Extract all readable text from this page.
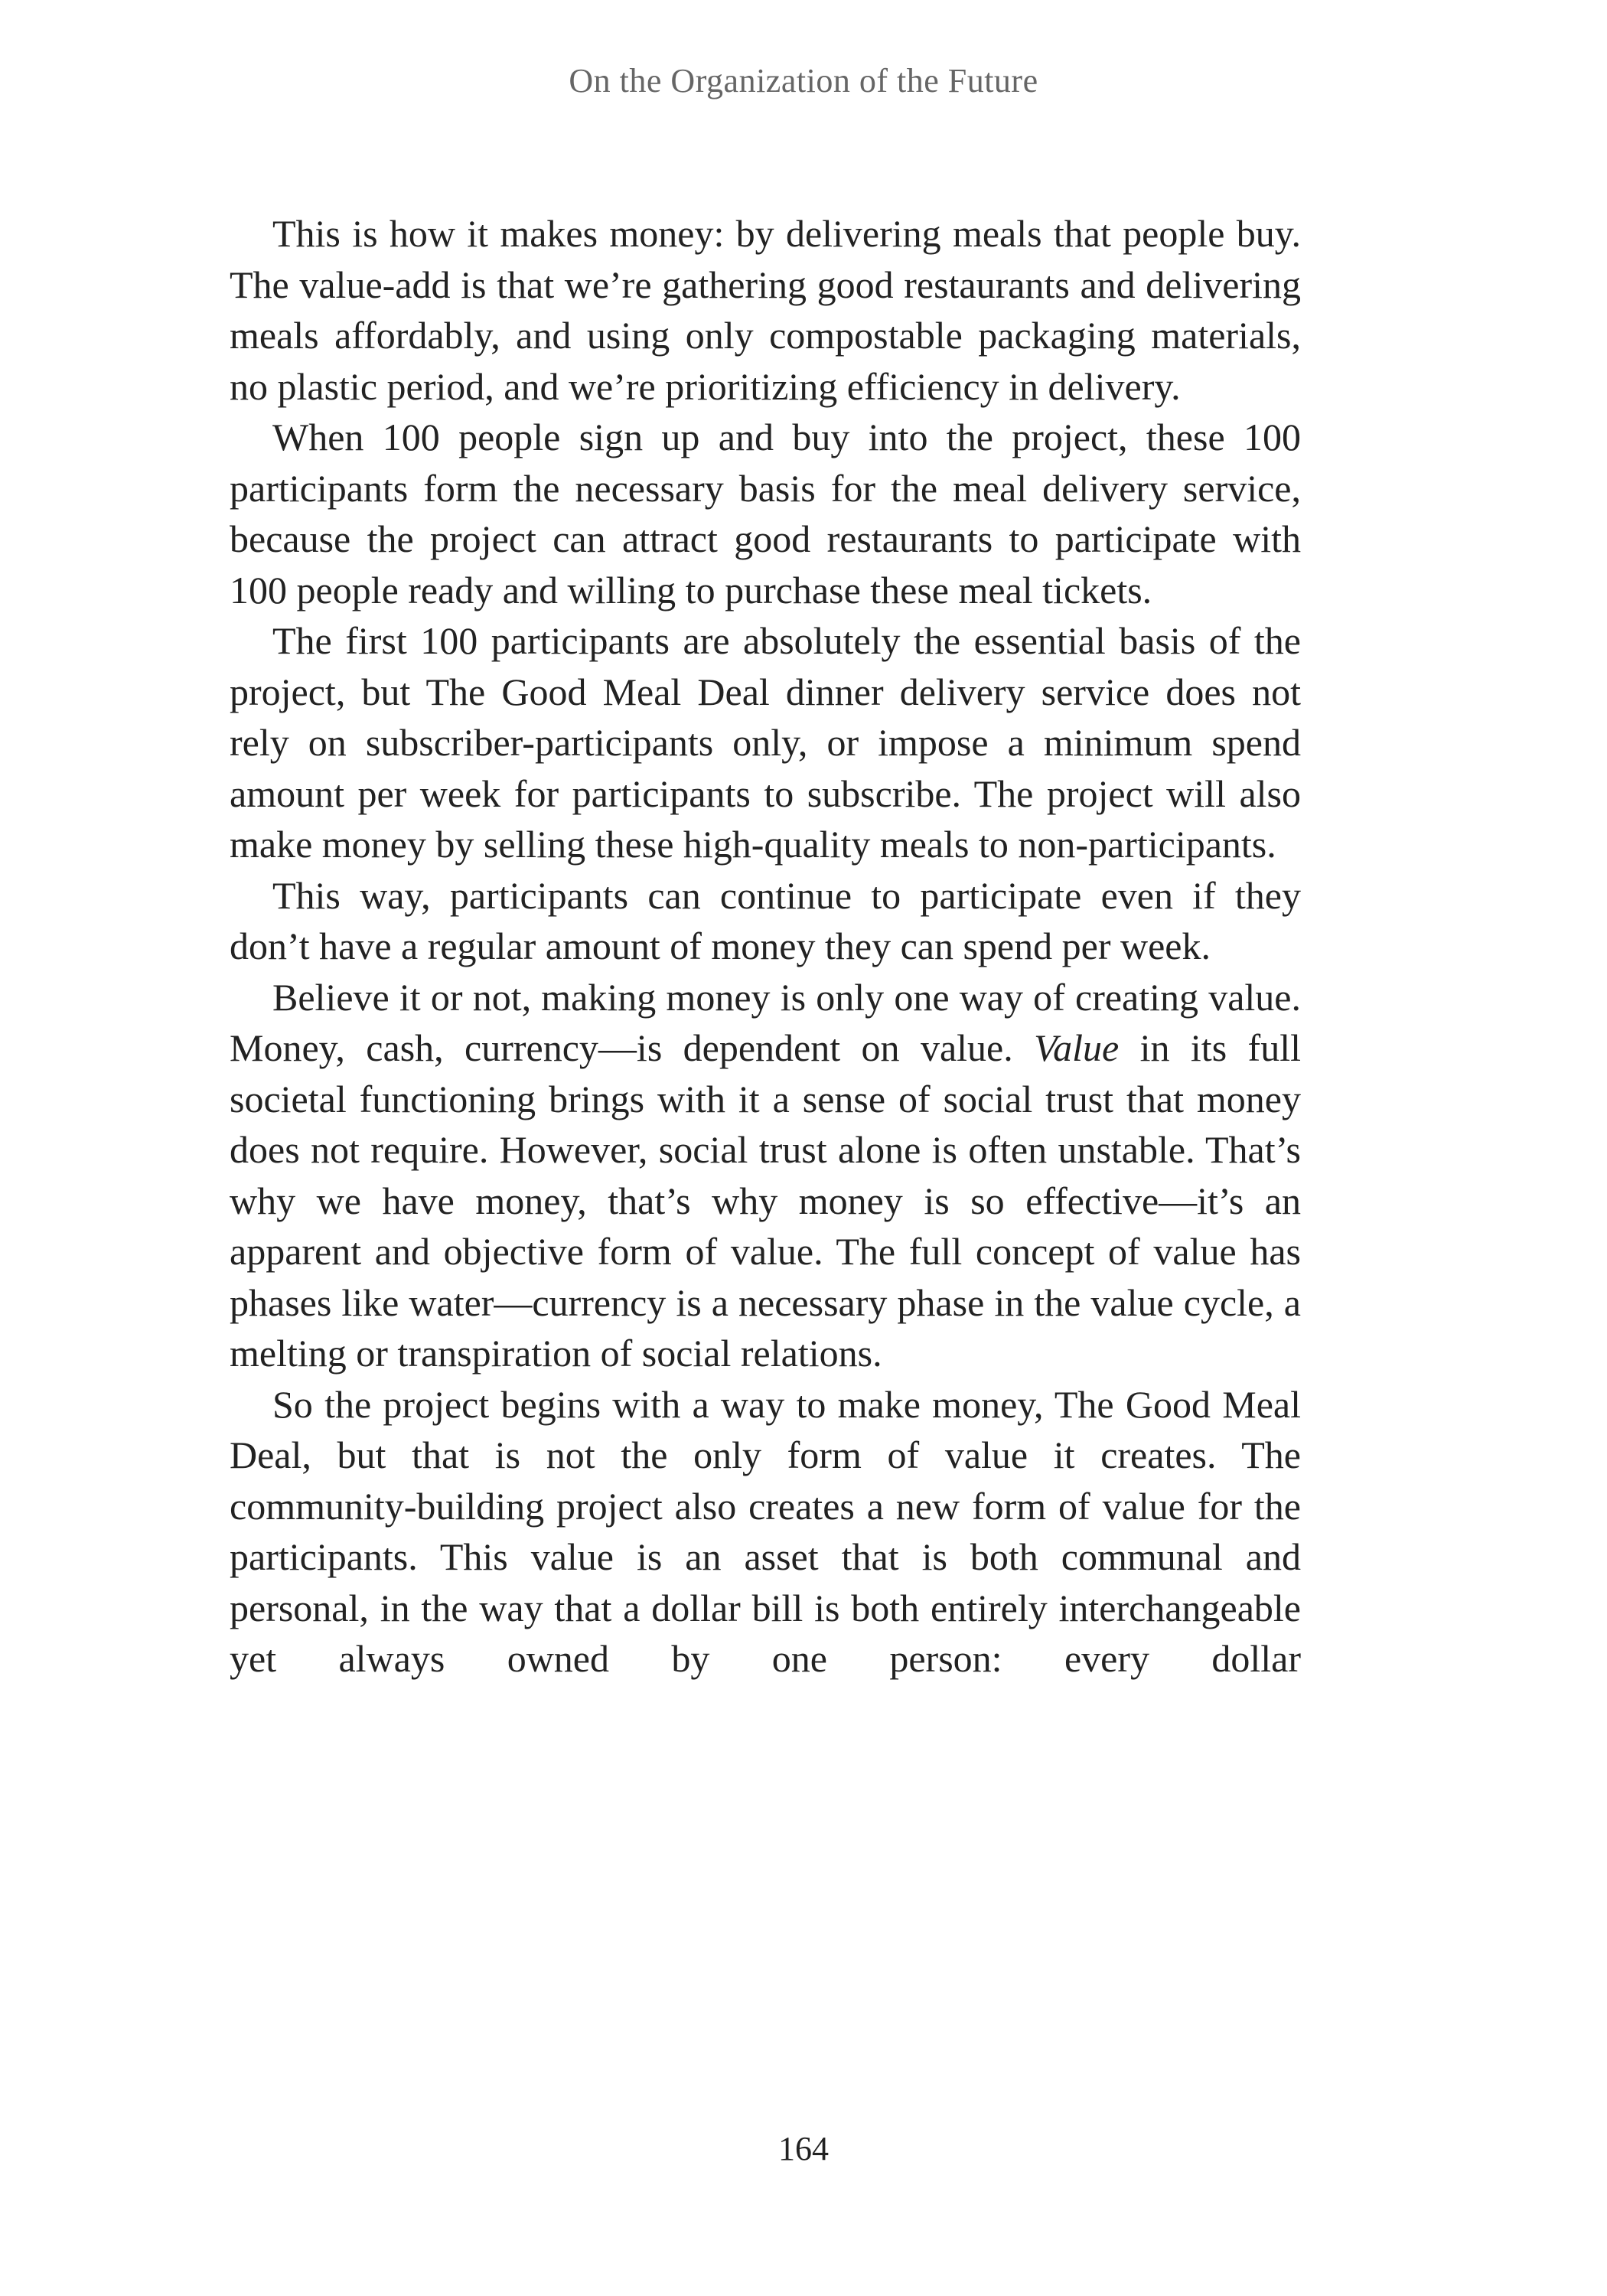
On the Organization of the Future

This is how it makes money: by delivering meals that people buy. The value-add is that we’re gathering good restaurants and delivering meals affordably, and using only compostable packaging materials, no plastic period, and we’re prioritizing efficiency in delivery.

When 100 people sign up and buy into the project, these 100 participants form the necessary basis for the meal delivery service, because the project can attract good restaurants to participate with 100 people ready and willing to purchase these meal tickets.

The first 100 participants are absolutely the essential basis of the project, but The Good Meal Deal dinner delivery service does not rely on subscriber-participants only, or impose a minimum spend amount per week for participants to subscribe. The project will also make money by selling these high-quality meals to non-participants.

This way, participants can continue to participate even if they don’t have a regular amount of money they can spend per week.

Believe it or not, making money is only one way of creating value. Money, cash, currency—is dependent on value. Value in its full societal functioning brings with it a sense of social trust that money does not require. However, social trust alone is often unstable. That’s why we have money, that’s why money is so effective—it’s an apparent and objective form of value. The full concept of value has phases like water—currency is a necessary phase in the value cycle, a melting or transpiration of social relations.

So the project begins with a way to make money, The Good Meal Deal, but that is not the only form of value it creates. The community-building project also creates a new form of value for the participants. This value is an asset that is both communal and personal, in the way that a dollar bill is both entirely interchangeable yet always owned by one person: every dollar

164
